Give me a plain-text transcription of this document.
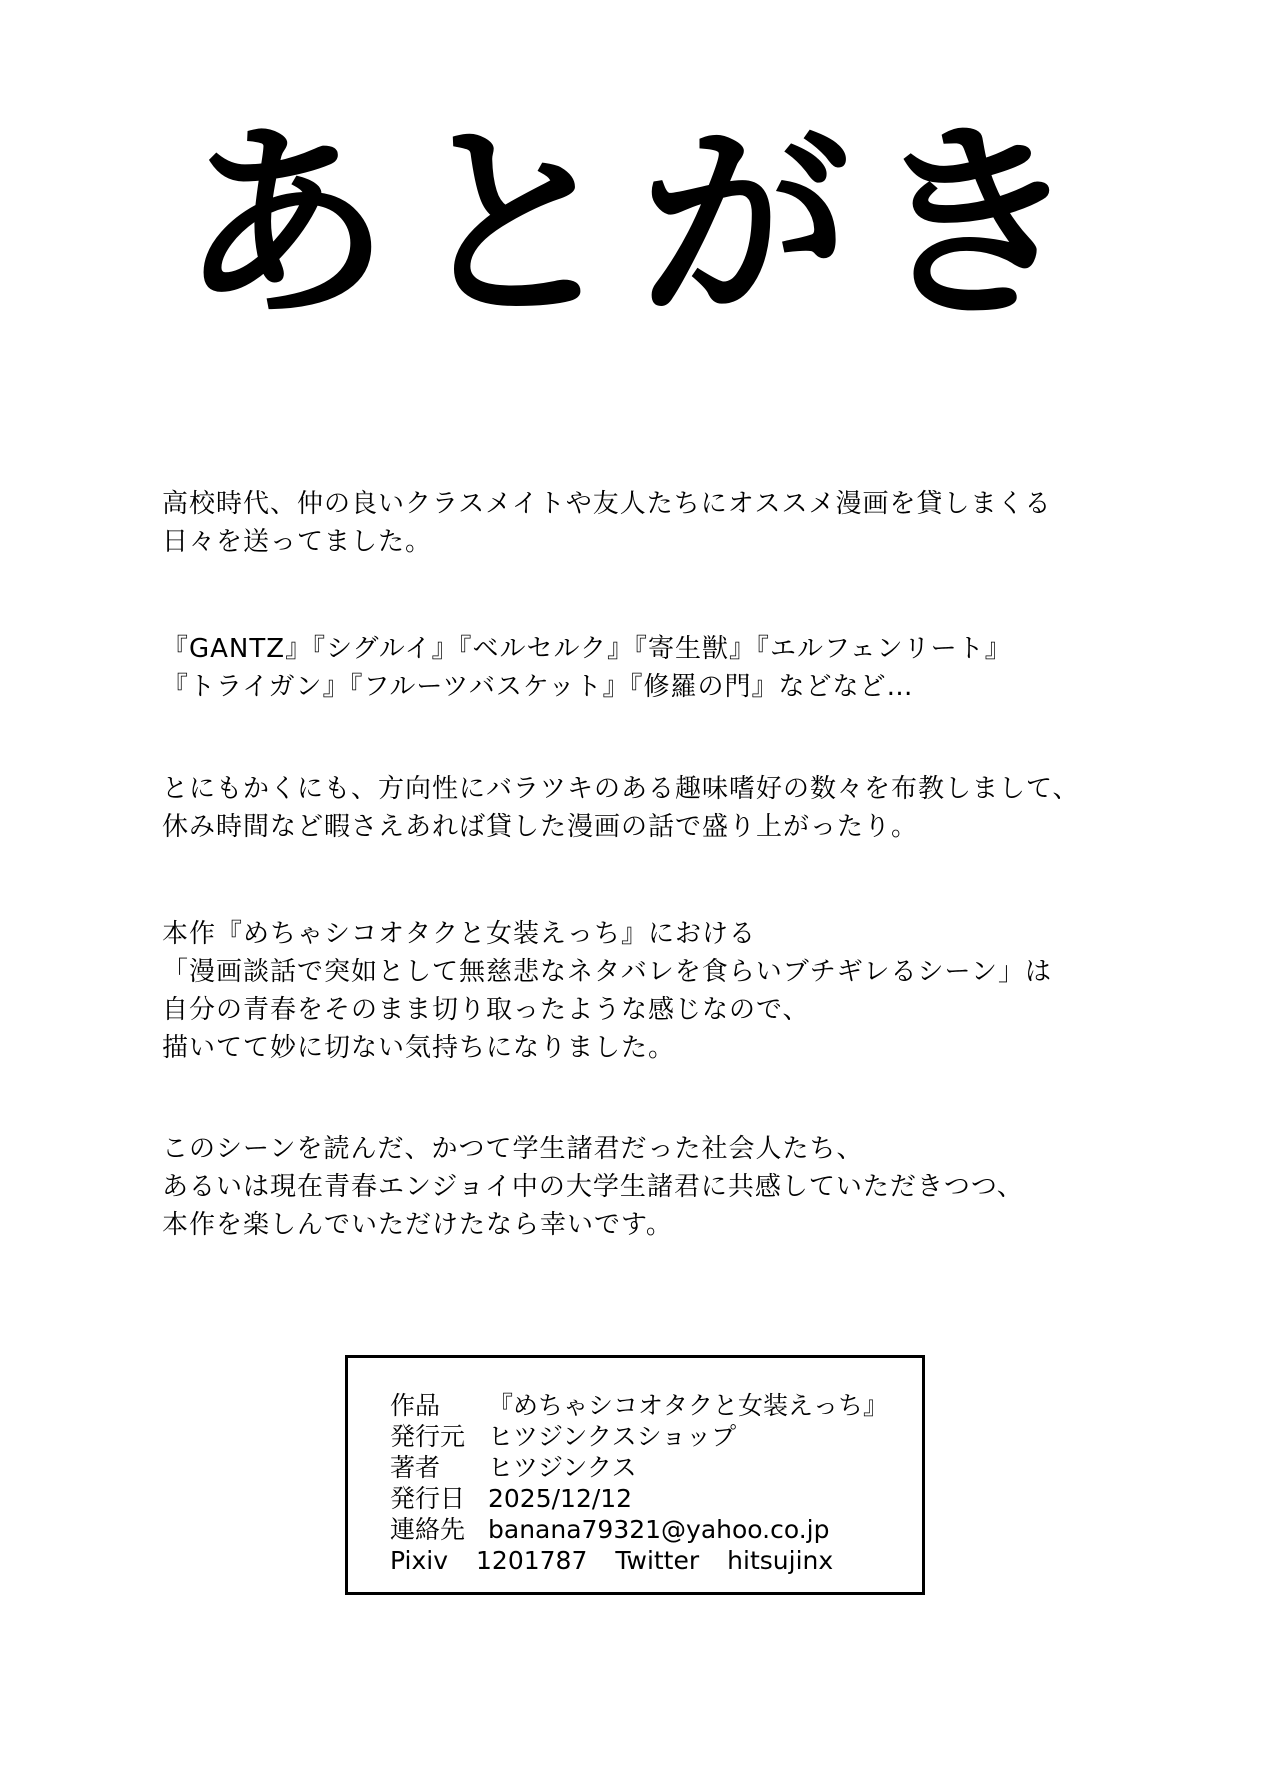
あとがき
高校時代、仲の良いクラスメイトや友人たちにオススメ漫画を貸しまくる
日々を送ってました。
『GANTZ』『シグルイ』『ベルセルク』『寄生獣』『エルフェンリート』
『トライガン』『フルーツバスケット』『修羅の門』などなど…
とにもかくにも、方向性にバラツキのある趣味嗜好の数々を布教しまして、
休み時間など暇さえあれば貸した漫画の話で盛り上がったり。
本作『めちゃシコオタクと女装えっち』における
「漫画談話で突如として無慈悲なネタバレを食らいブチギレるシーン」は
自分の青春をそのまま切り取ったような感じなので、
描いてて妙に切ない気持ちになりました。
このシーンを読んだ、かつて学生諸君だった社会人たち、
あるいは現在青春エンジョイ中の大学生諸君に共感していただきつつ、
本作を楽しんでいただけたなら幸いです。
作品 『めちゃシコオタクと女装えっち』
発行元 ヒツジンクスショップ
著者 ヒツジンクス
発行日 2025/12/12
連絡先 banana79321@yahoo.co.jp
Pixiv 1201787 Twitter hitsujinx
